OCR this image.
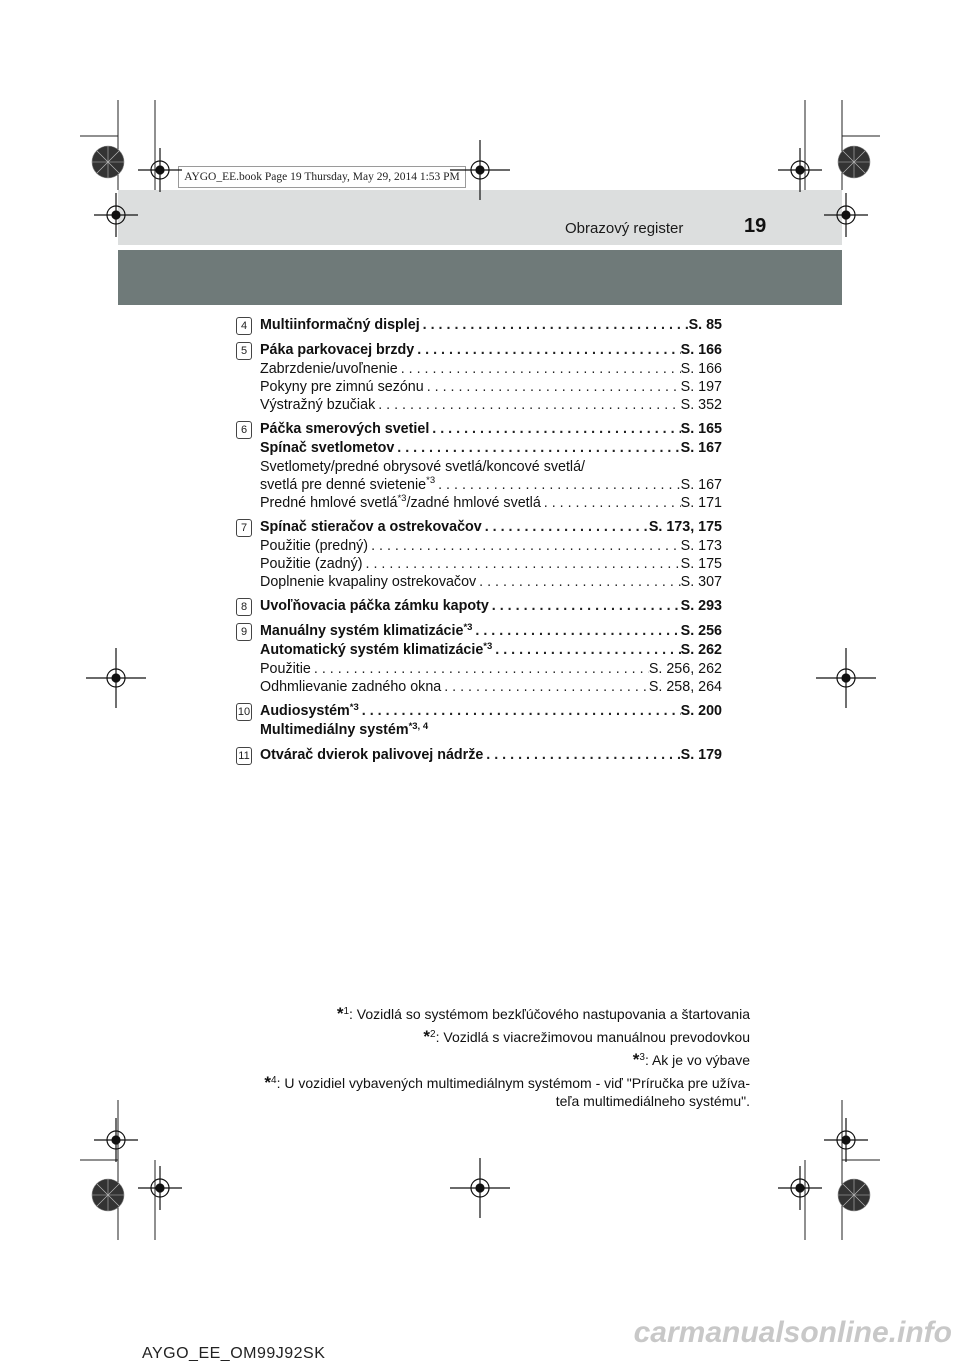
Obrazový register	19
AYGO_EE.book Page 19 Thursday, May 29, 2014 1:53 PM
4 Multiinformačný displej . . .	S. 85
5 Páka parkovacej brzdy . . .	S. 166
Zabrzdenie/uvoľnenie . . .	S. 166
Pokyny pre zimnú sezónu . . .	S. 197
Výstražný bzučiak . . .	S. 352
6 Páčka smerových svetiel . . .	S. 165
Spínač svetlometov . . .	S. 167
Svetlomety/predné obrysové svetlá/koncové svetlá/
svetlá pre denné svietenie$^{*3}$ . . .	S. 167
Predné hmlové svetlá$^{*3}$ /zadné hmlové svetlá . . .	S. 171
7 Spínač stieračov a ostrekovačov . . .	S. 173, 175
Použitie (predný) . . .	S. 173
Použitie (zadný) . . .	S. 175
Doplnenie kvapaliny ostrekovačov . . .	S. 307
8 Uvoľňovacia páčka zámku kapoty . . .	S. 293
9 Manuálny systém klimatizácie$^{*3}$ . . .	S. 256
Automatický systém klimatizácie$^{*3}$ . . .	S. 262
Použitie . . .	S. 256, 262
Odhmlievanie zadného okna . . .	S. 258, 264
10 Audiosystém$^{*3}$ . . .	S. 200
Multimediálny systém$^{*3, 4}$
11 Otvárač dvierok palivovej nádrže . . .	S. 179
*$^1$: Vozidlá so systémom bezkľúčového nastupovania a štartovania
*$^2$: Vozidlá s viacrežimovou manuálnou prevodovkou
*$^3$: Ak je vo výbave
*$^4$: U vozidiel vybavených multimediálnym systémom - viď "Príručka pre užíva-
teľa multimediálneho systému".
AYGO_EE_OM99J92SK
carmanualsonline.info
